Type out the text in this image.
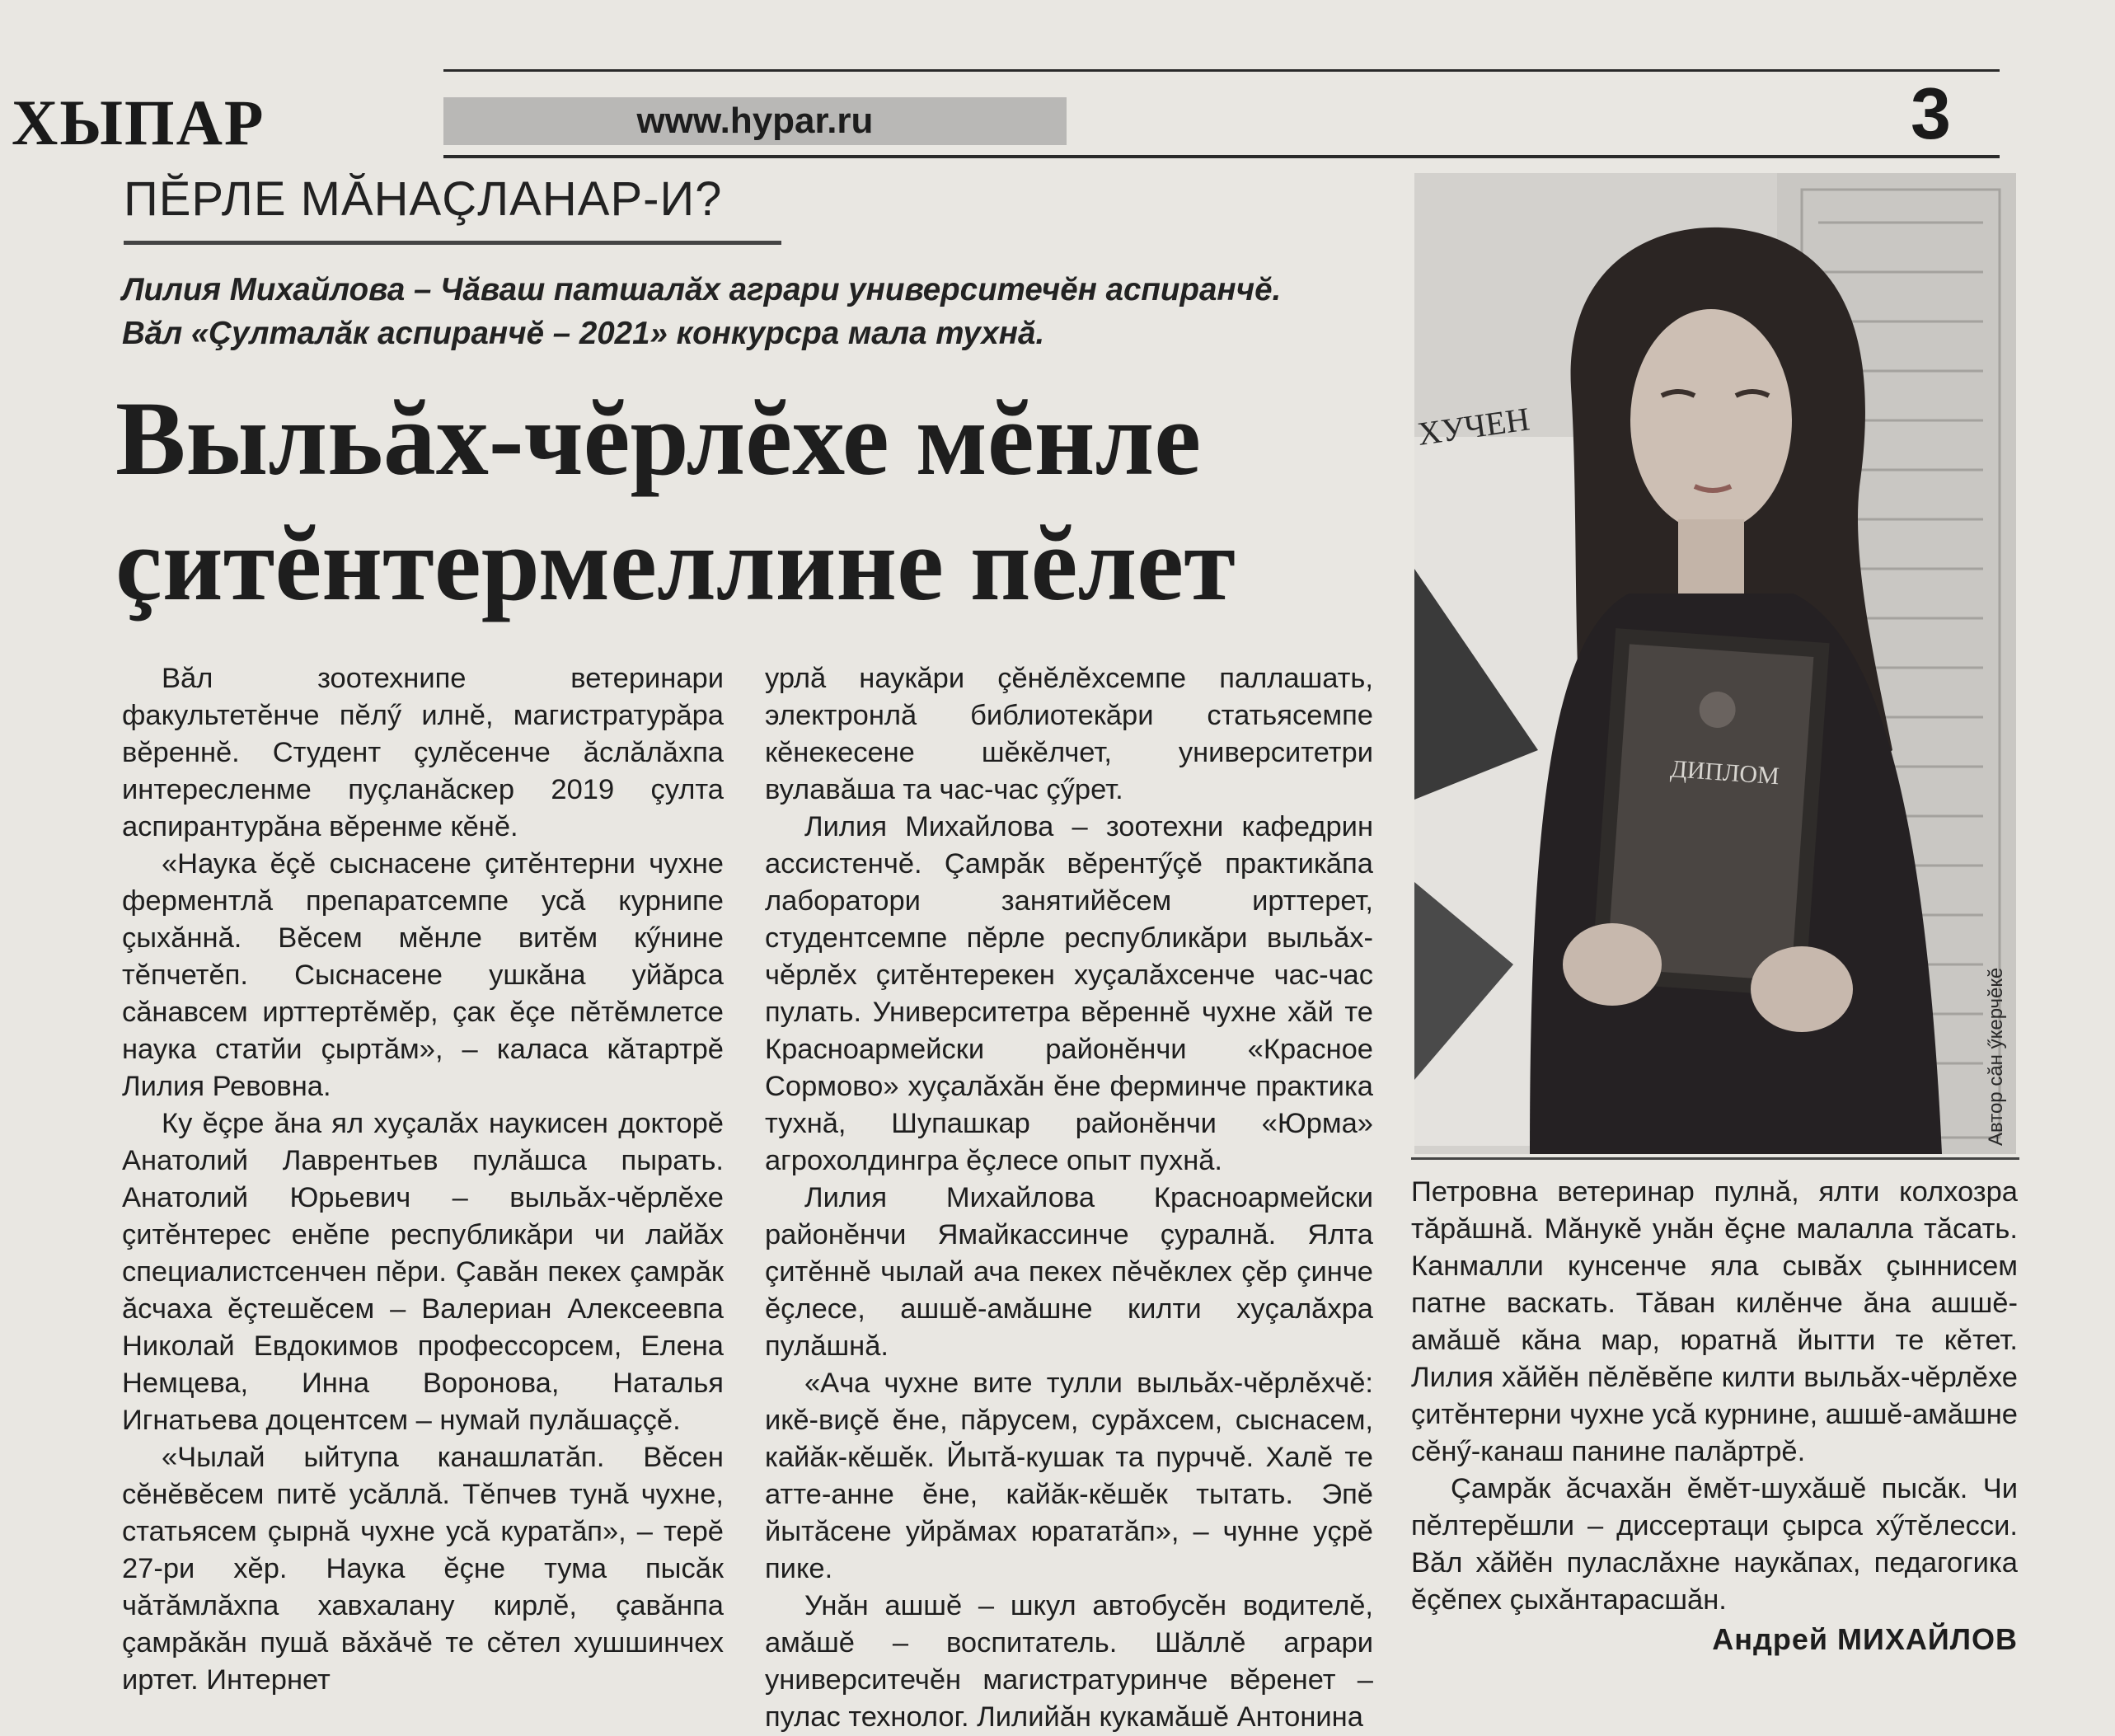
ХЫПАР	www.hypar.ru	3
ПĔРЛЕ МĂНАÇЛАНАР-И?

Лилия Михайлова – Чăваш патшалăх аграри университечĕн аспиранчĕ.

Вăл «Çулталăк аспиранчĕ – 2021» конкурсра мала тухнă.

Выльăх-чĕрлĕхе мĕнле
çитĕнтермеллине пĕлет

Вăл зоотехнипе ветеринари факультетĕнче пĕлӳ илнĕ, магистратурăра вĕреннĕ. Студент çулĕсенче ăслăлăхпа интересленме пуçланăскер 2019 çулта аспирантурăна вĕренме кĕнĕ.

«Наука ĕçĕ сыснасене çитĕнтерни чухне ферментлă препаратсемпе усă курнипе çыхăннă. Вĕсем мĕнле витĕм кӳнине тĕпчетĕп. Сыснасене ушкăна уйăрса сăнавсем ирттертĕмĕр, çак ĕçе пĕтĕмлетсе наука статйи çыртăм», – каласа кăтартрĕ Лилия Ревовна.

Ку ĕçре ăна ял хуçалăх наукисен докторĕ Анатолий Лаврентьев пулăшса пырать. Анатолий Юрьевич – выльăх-чĕрлĕхе çитĕнтерес енĕпе республикăри чи лайăх специалистсенчен пĕри. Çавăн пекех çамрăк ăсчаха ĕçтешĕсем – Валериан Алексеевпа Николай Евдокимов профессорсем, Елена Немцева, Инна Воронова, Наталья Игнатьева доцентсем – нумай пулăшаççĕ.

«Чылай ыйтупа канашлатăп. Вĕсен сĕнĕвĕсем питĕ усăллă. Тĕпчев тунă чухне, статьясем çырнă чухне усă куратăп», – терĕ 27-ри хĕр. Наука ĕçне тума пысăк чăтăмлăхпа хавхалану кирлĕ, çавăнпа çамрăкăн пушă вăхăчĕ те сĕтел хушшинчех иртет. Интернет

урлă наукăри çĕнĕлĕхсемпе паллашать, электронлă библиотекăри статьясемпе кĕнекесене шĕкĕлчет, университетри вулавăша та час-час çӳрет.

Лилия Михайлова – зоотехни кафедрин ассистенчĕ. Çамрăк вĕрентӳçĕ практикăпа лаборатори занятийĕсем ирттерет, студентсемпе пĕрле республикăри выльăх-чĕрлĕх çитĕнтерекен хуçалăхсенче час-час пулать. Университетра вĕреннĕ чухне хăй те Красноармейски районĕнчи «Красное Сормово» хуçалăхăн ĕне ферминче практика тухнă, Шупашкар районĕнчи «Юрма» агрохолдингра ĕçлесе опыт пухнă.

Лилия Михайлова Красноармейски районĕнчи Ямайкассинче çуралнă. Ялта çитĕннĕ чылай ача пекех пĕчĕклех çĕр çинче ĕçлесе, ашшĕ-амăшне килти хуçалăхра пулăшнă.

«Ача чухне вите тулли выльăх-чĕрлĕхчĕ: икĕ-виçĕ ĕне, пăрусем, сурăхсем, сыснасем, кайăк-кĕшĕк. Йытă-кушак та пурччĕ. Халĕ те атте-анне ĕне, кайăк-кĕшĕк тытать. Эпĕ йытăсене уйрăмах юрататăп», – чунне уçрĕ пике.

Унăн ашшĕ – шкул автобусĕн водителĕ, амăшĕ – воспитатель. Шăллĕ аграри университечĕн магистратуринче вĕренет – пулас технолог. Лилийăн кукамăшĕ Антонина

ХУЧЕН
ДИПЛОМ
Автор сăн ӳкерчĕкĕ

Петровна ветеринар пулнă, ялти колхозра тăрăшнă. Мăнукĕ унăн ĕçне малалла тăсать. Канмалли кунсенче яла сывăх çыннисем патне васкать. Тăван килĕнче ăна ашшĕ-амăшĕ кăна мар, юратнă йытти те кĕтет. Лилия хăйĕн пĕлĕвĕпе килти выльăх-чĕрлĕхе çитĕнтерни чухне усă курнине, ашшĕ-амăшне сĕнӳ-канаш панине палăртрĕ.

Çамрăк ăсчахăн ĕмĕт-шухăшĕ пысăк. Чи пĕлтерĕшли – диссертаци çырса хӳтĕлесси. Вăл хăйĕн пуласлăхне наукăпах, педагогика ĕçĕпех çыхăнтарасшăн.

Андрей МИХАЙЛОВ
